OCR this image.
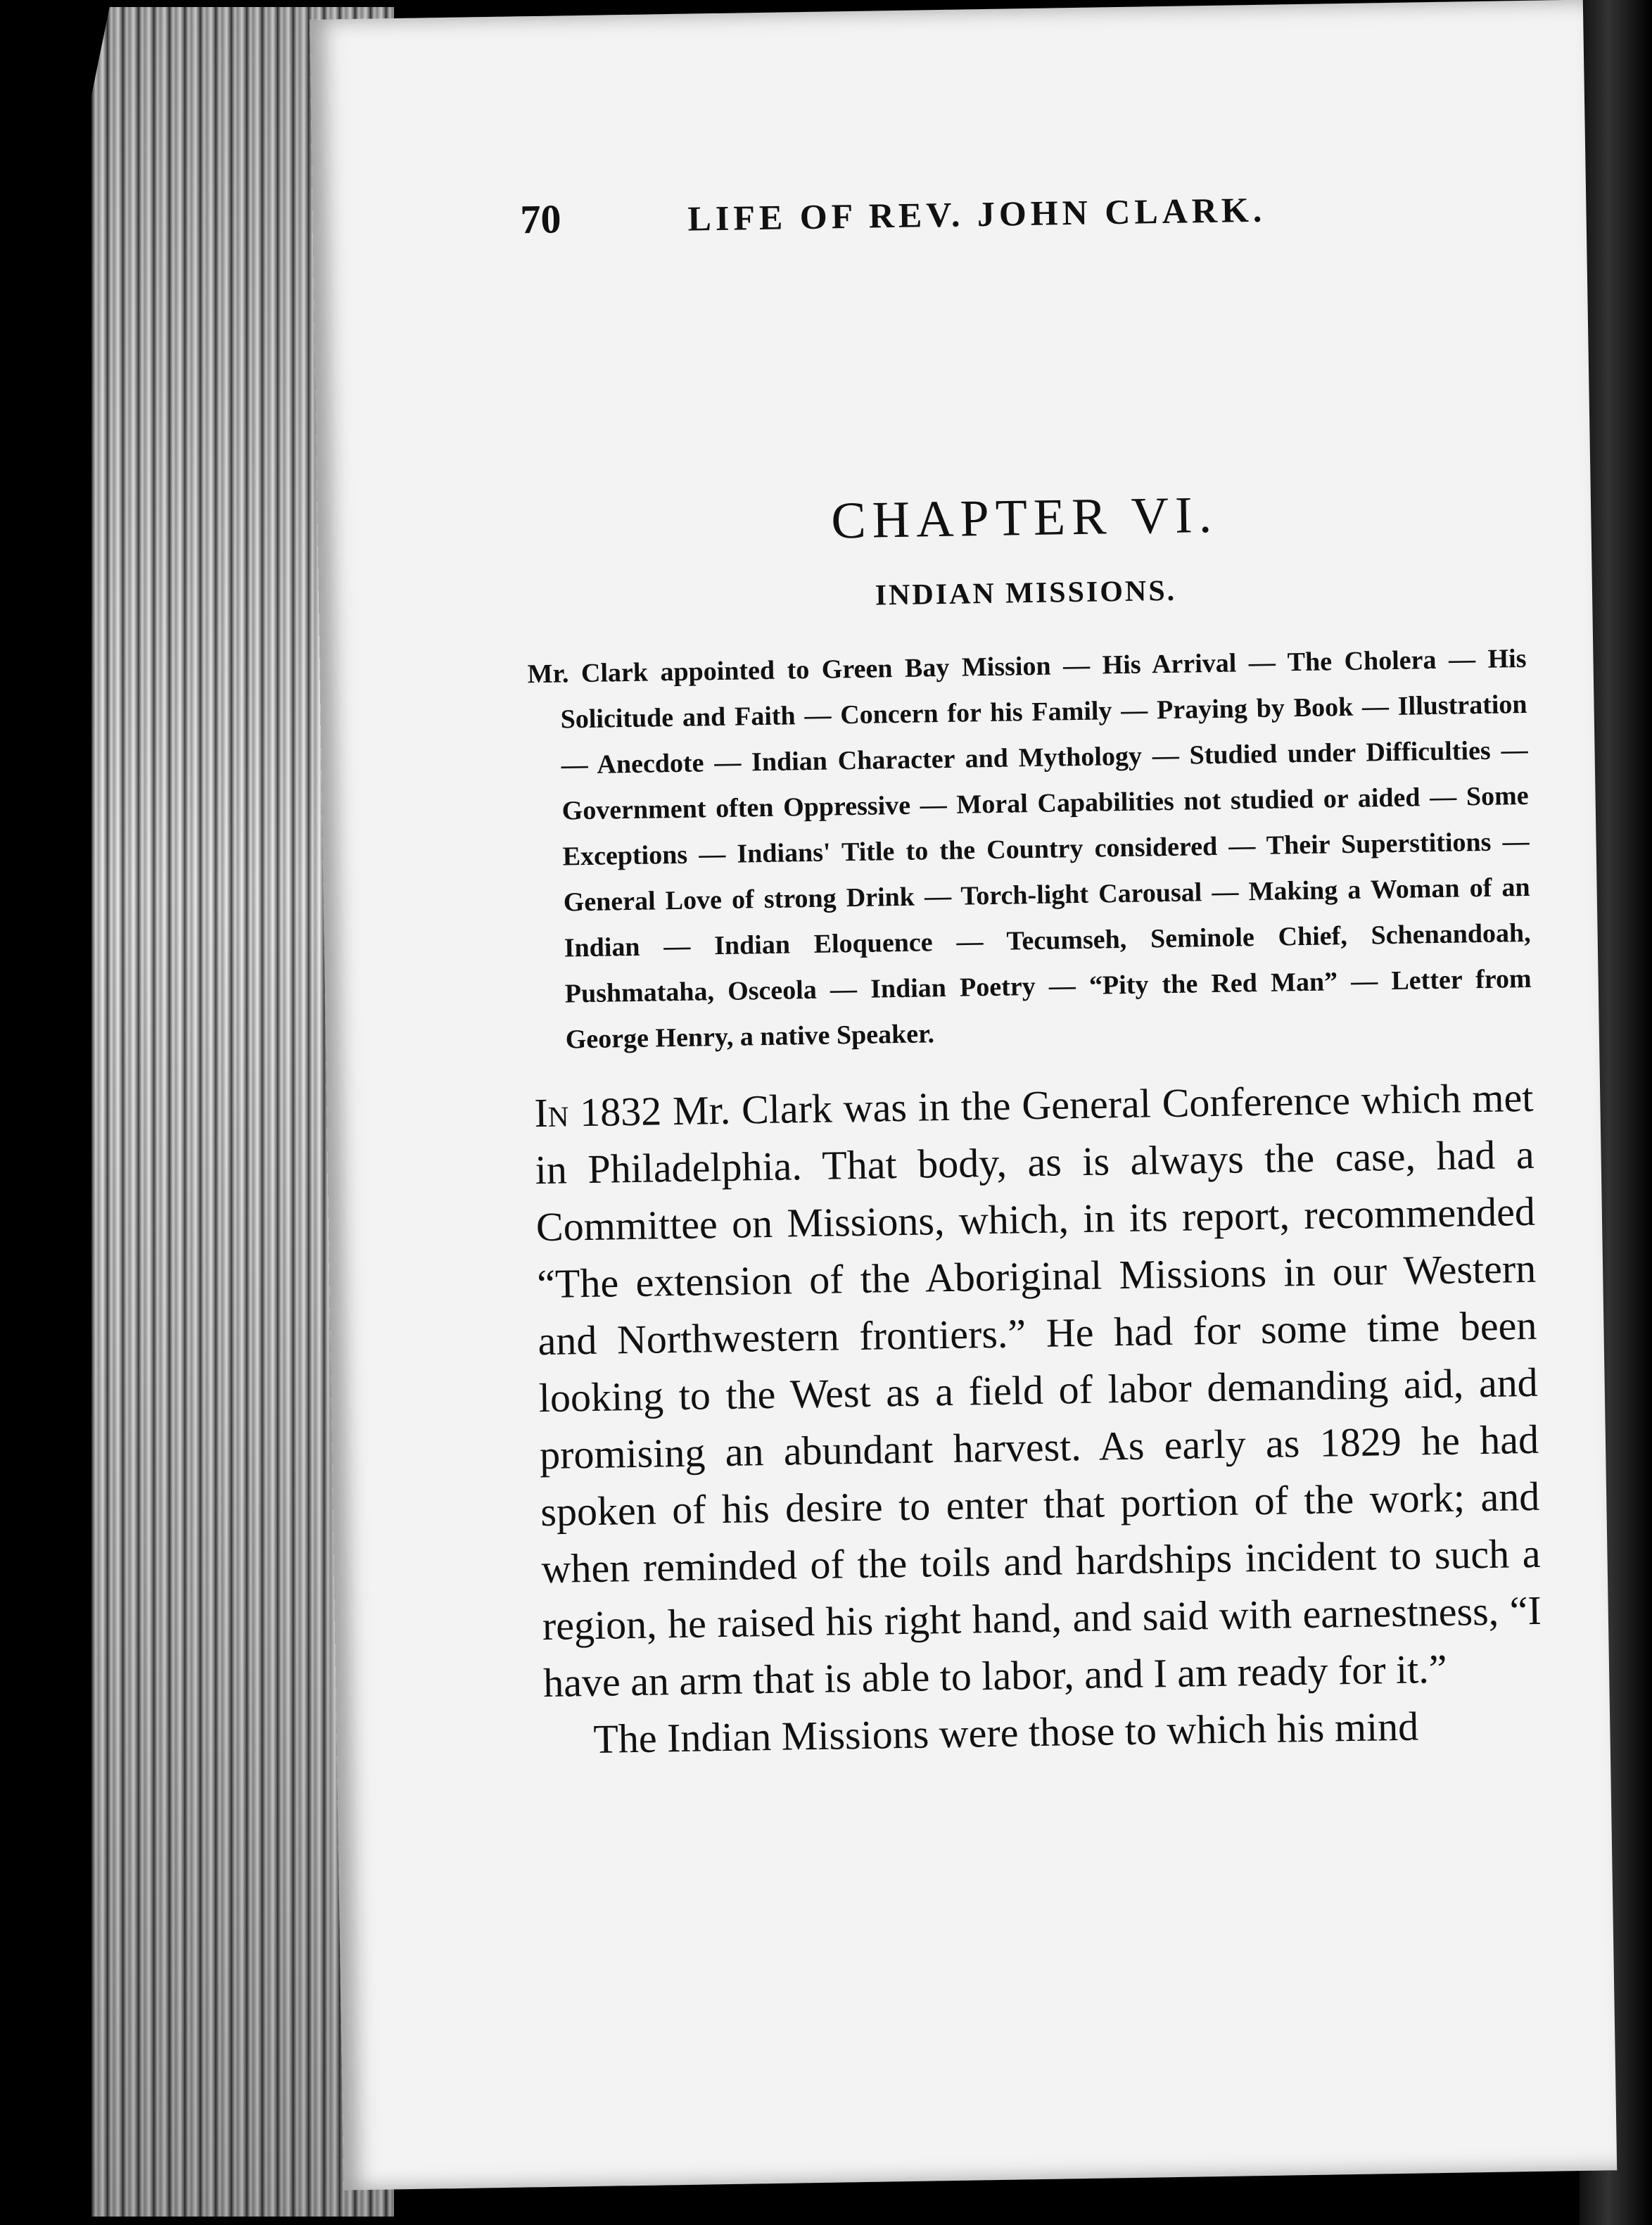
70	LIFE OF REV. JOHN CLARK.
CHAPTER VI.
INDIAN MISSIONS.
Mr. Clark appointed to Green Bay Mission — His Arrival — The Cholera — His Solicitude and Faith — Concern for his Family — Praying by Book — Illustration — Anecdote — Indian Character and Mythology — Studied under Difficulties — Government often Oppressive — Moral Capabilities not studied or aided — Some Exceptions — Indians' Title to the Country considered — Their Superstitions — General Love of strong Drink — Torch-light Carousal — Making a Woman of an Indian — Indian Eloquence — Tecumseh, Seminole Chief, Schenandoah, Pushmataha, Osceola — Indian Poetry — “Pity the Red Man” — Letter from George Henry, a native Speaker.

In 1832 Mr. Clark was in the General Conference which met in Philadelphia. That body, as is always the case, had a Committee on Missions, which, in its report, recommended “The extension of the Aboriginal Missions in our Western and Northwestern frontiers.” He had for some time been looking to the West as a field of labor demanding aid, and promising an abundant harvest. As early as 1829 he had spoken of his desire to enter that portion of the work; and when reminded of the toils and hardships incident to such a region, he raised his right hand, and said with earnestness, “I have an arm that is able to labor, and I am ready for it.”

The Indian Missions were those to which his mind
